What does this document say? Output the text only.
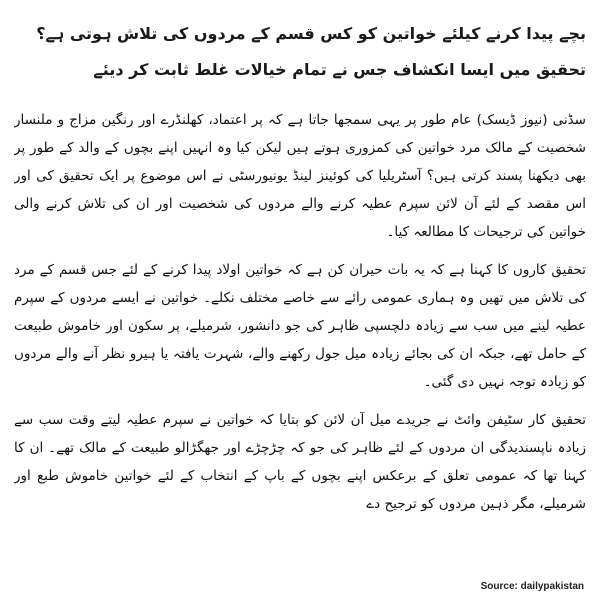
بچے پیدا کرنے کیلئے خواتین کو کس قسم کے مردوں کی تلاش ہوتی ہے؟ تحقیق میں ایسا انکشاف جس نے تمام خیالات غلط ثابت کر دیئے

سڈنی (نیوز ڈیسک) عام طور پر یہی سمجھا جاتا ہے کہ پر اعتماد، کھلنڈرے اور رنگین مزاج و ملنسار شخصیت کے مالک مرد خواتین کی کمزوری ہوتے ہیں لیکن کیا وہ انہیں اپنے بچوں کے والد کے طور پر بھی دیکھنا پسند کرتی ہیں؟ آسٹریلیا کی کوئینز لینڈ یونیورسٹی نے اس موضوع پر ایک تحقیق کی اور اس مقصد کے لئے آن لائن سپرم عطیہ کرنے والے مردوں کی شخصیت اور ان کی تلاش کرنے والی خواتین کی ترجیحات کا مطالعہ کیا۔

تحقیق کاروں کا کہنا ہے کہ یہ بات حیران کن ہے کہ خواتین اولاد پیدا کرنے کے لئے جس قسم کے مرد کی تلاش میں تھیں وہ ہماری عمومی رائے سے خاصے مختلف نکلے۔ خواتین نے ایسے مردوں کے سپرم عطیہ لینے میں سب سے زیادہ دلچسپی ظاہر کی جو دانشور، شرمیلے، پر سکون اور خاموش طبیعت کے حامل تھے، جبکہ ان کی بجائے زیادہ میل جول رکھنے والے، شہرت یافتہ یا ہیرو نظر آنے والے مردوں کو زیادہ توجہ نہیں دی گئی۔

تحقیق کار سٹیفن وائٹ نے جریدے میل آن لائن کو بتایا کہ خواتین نے سپرم عطیہ لیتے وقت سب سے زیادہ ناپسندیدگی ان مردوں کے لئے ظاہر کی جو کہ چڑچڑے اور جھگڑالو طبیعت کے مالک تھے۔ ان کا کہنا تھا کہ عمومی تعلق کے برعکس اپنے بچوں کے باپ کے انتخاب کے لئے خواتین خاموش طبع اور شرمیلے، مگر ذہین مردوں کو ترجیح دے

Source: dailypakistan
